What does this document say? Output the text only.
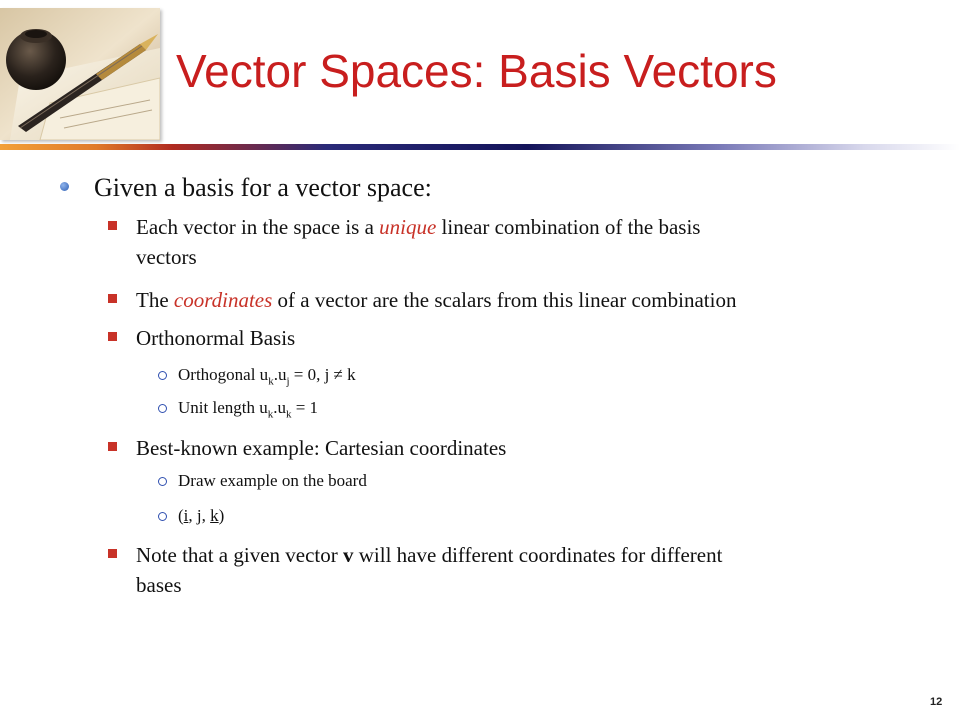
Vector Spaces: Basis Vectors
Given a basis for a vector space:
Each vector in the space is a unique linear combination of the basis
vectors
The coordinates of a vector are the scalars from this linear combination
Orthonormal Basis
Orthogonal $u_k.u_j = 0$, j ≠ k
Unit length $u_k.u_k = 1$
Best-known example: Cartesian coordinates
Draw example on the board
(i, j, k)
Note that a given vector v will have different coordinates for different
bases
12
